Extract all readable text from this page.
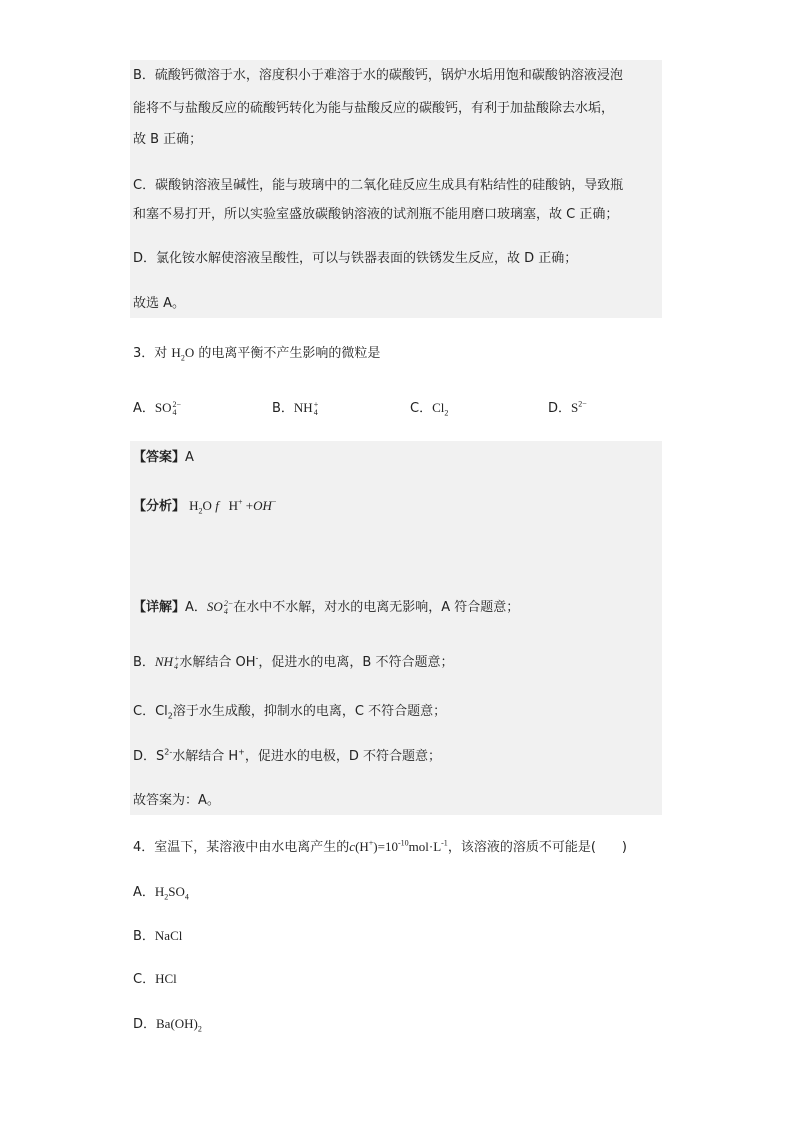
B．硫酸钙微溶于水，溶度积小于难溶于水的碳酸钙，锅炉水垢用饱和碳酸钠溶液浸泡
能将不与盐酸反应的硫酸钙转化为能与盐酸反应的碳酸钙，有利于加盐酸除去水垢，
故 B 正确；
C．碳酸钠溶液呈碱性，能与玻璃中的二氧化硅反应生成具有粘结性的硅酸钠，导致瓶
和塞不易打开，所以实验室盛放碳酸钠溶液的试剂瓶不能用磨口玻璃塞，故 C 正确；
D．氯化铵水解使溶液呈酸性，可以与铁器表面的铁锈发生反应，故 D 正确；
故选 A。
3．对 $H_2O$ 的电离平衡不产生影响的微粒是
A．SO 2−
4	B．NH +
4	C．$Cl_2$	D．$S^{2-}$
【答案】A
【分析】 $H_2O$ f H+ +OH−
【详解】A．SO 2−
4 在水中不水解，对水的电离无影响，A 符合题意；
B．NH +
4 水解结合 OH-，促进水的电离，B 不符合题意；
C．$Cl_2$溶于水生成酸，抑制水的电离，C 不符合题意；
D．$S^{2-}$水解结合 H+，促进水的电极，D 不符合题意；
故答案为：A。
4．室温下，某溶液中由水电离产生的$c(H^+)=10^{-10}mol\cdot L^{-1}$，该溶液的溶质不可能是(　　)
A．$H_2SO_4$
B．NaCl
C．HCl
D．$Ba(OH)_2$
